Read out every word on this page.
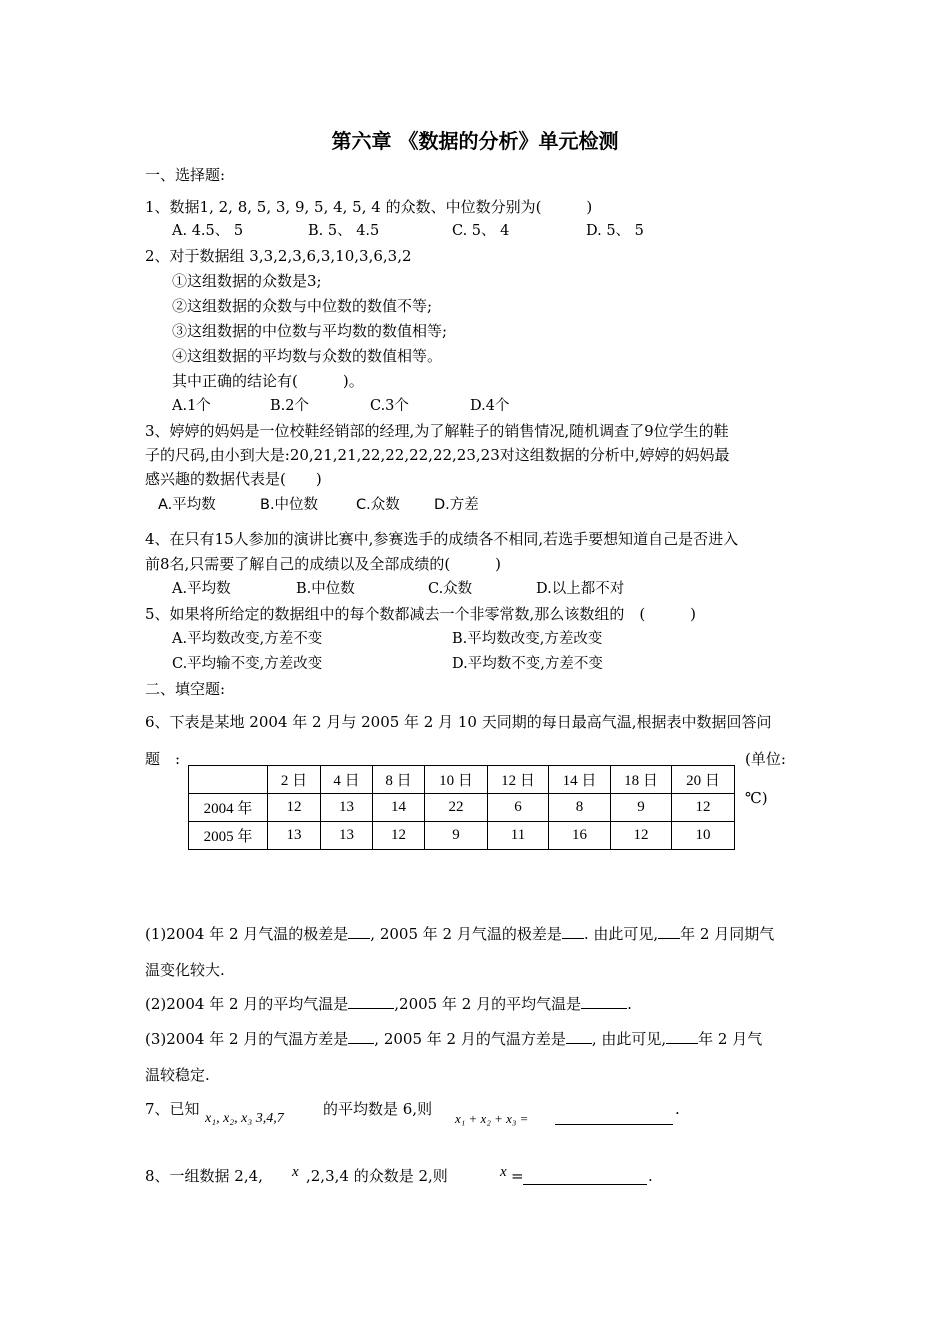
第六章 《数据的分析》单元检测
一、选择题:
1、数据1, 2, 8, 5, 3, 9, 5, 4, 5, 4 的众数、中位数分别为(　　　)
A. 4.5、 5	B. 5、 4.5	C. 5、 4	D. 5、 5
2、对于数据组 3,3,2,3,6,3,10,3,6,3,2
①这组数据的众数是3;
②这组数据的众数与中位数的数值不等;
③这组数据的中位数与平均数的数值相等;
④这组数据的平均数与众数的数值相等。
其中正确的结论有(　　　)。
A.1个	B.2个	C.3个	D.4个
3、婷婷的妈妈是一位校鞋经销部的经理,为了解鞋子的销售情况,随机调查了9位学生的鞋
子的尺码,由小到大是:20,21,21,22,22,22,22,23,23对这组数据的分析中,婷婷的妈妈最
感兴趣的数据代表是(　　)
A.平均数	B.中位数	C.众数 D.方差
4、在只有15人参加的演讲比赛中,参赛选手的成绩各不相同,若选手要想知道自己是否进入
前8名,只需要了解自己的成绩以及全部成绩的(　　　)
A.平均数	B.中位数	C.众数	D.以上都不对
5、如果将所给定的数据组中的每个数都减去一个非零常数,那么该数组的　(　　　)
A.平均数改变,方差不变	B.平均数改变,方差改变
C.平均输不变,方差改变	D.平均数不变,方差不变
二、填空题:
6、下表是某地 2004 年 2 月与 2005 年 2 月 10 天同期的每日最高气温,根据表中数据回答问
题　:	(单位:
℃)
	2 日	4 日	8 日	10 日	12 日	14 日	18 日	20 日
2004 年	12	13	14	22	6	8	9	12
2005 年	13	13	12	9	11	16	12	10
(1)2004 年 2 月气温的极差是 , 2005 年 2 月气温的极差是 . 由此可见, 年 2 月同期气
温变化较大.
(2)2004 年 2 月的平均气温是	,2005 年 2 月的平均气温是	.
(3)2004 年 2 月的气温方差是 , 2005 年 2 月的气温方差是 , 由此可见, 年 2 月气
温较稳定.
7、已知
x₁, x₂, x₃ 3,4,7
的平均数是 6,则
x₁ + x₂ + x₃ =
.
8、一组数据 2,4, x ,2,3,4 的众数是 2,则	x =	.
